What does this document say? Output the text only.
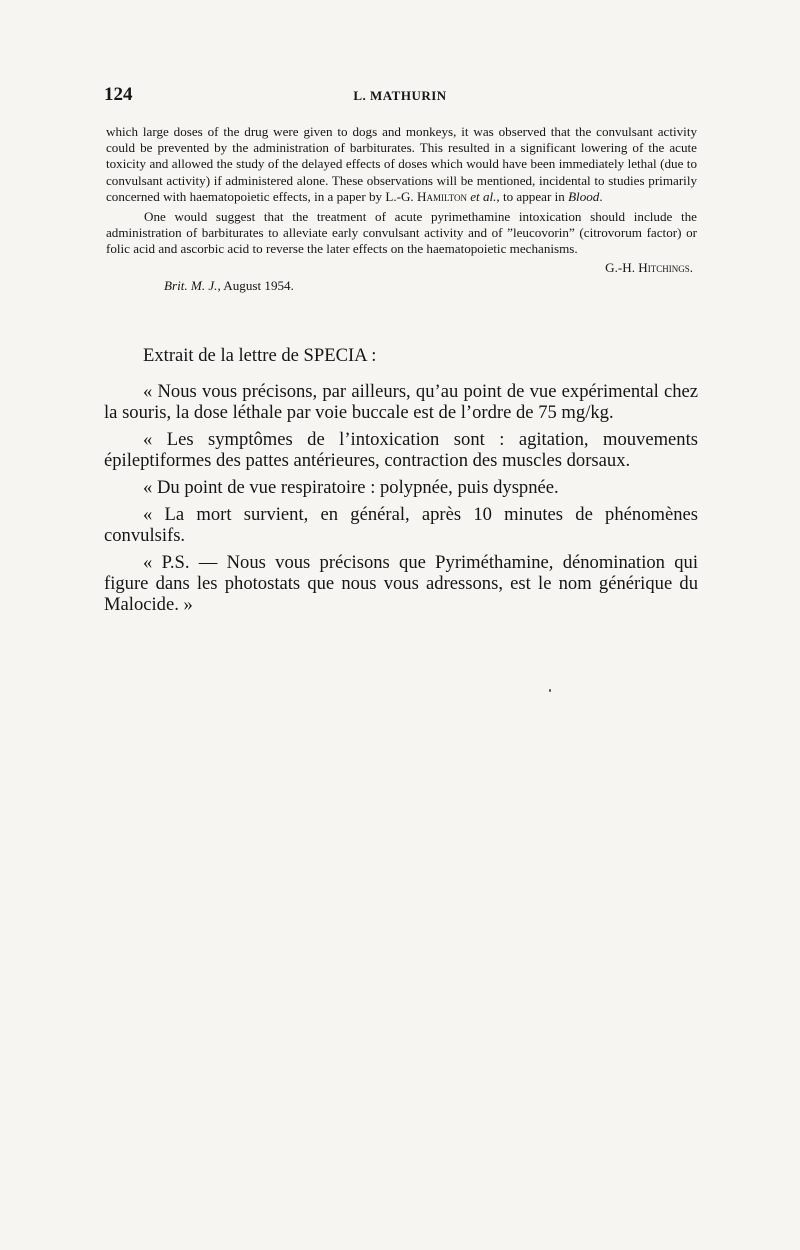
124	L. MATHURIN

which large doses of the drug were given to dogs and monkeys, it was observed that the convulsant activity could be prevented by the administration of barbiturates. This resulted in a significant lowering of the acute toxicity and allowed the study of the delayed effects of doses which would have been immediately lethal (due to convulsant activity) if administered alone. These observations will be mentioned, incidental to studies primarily concerned with haematopoietic effects, in a paper by L.-G. Hamilton et al., to appear in Blood.

One would suggest that the treatment of acute pyrimethamine intoxication should include the administration of barbiturates to alleviate early convulsant activity and of ”leucovorin” (citrovorum factor) or folic acid and ascorbic acid to reverse the later effects on the haematopoietic mechanisms.

G.-H. Hitchings.

Brit. M. J., August 1954.

Extrait de la lettre de SPECIA :

« Nous vous précisons, par ailleurs, qu’au point de vue expérimental chez la souris, la dose léthale par voie buccale est de l’ordre de 75 mg/kg.

« Les symptômes de l’intoxication sont : agitation, mouvements épileptiformes des pattes antérieures, contraction des muscles dorsaux.

« Du point de vue respiratoire : polypnée, puis dyspnée.

« La mort survient, en général, après 10 minutes de phénomènes convulsifs.

« P.S. — Nous vous précisons que Pyriméthamine, dénomination qui figure dans les photostats que nous vous adressons, est le nom générique du Malocide. »
